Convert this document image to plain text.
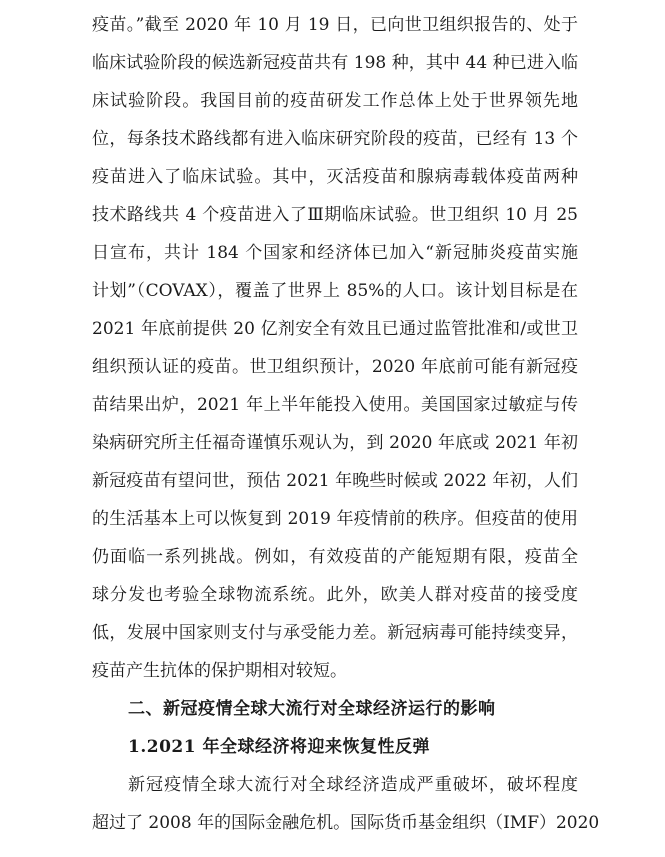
疫苗。”截至 2020 年 10 月 19 日，已向世卫组织报告的、处于
临床试验阶段的候选新冠疫苗共有 198 种，其中 44 种已进入临
床试验阶段。我国目前的疫苗研发工作总体上处于世界领先地
位，每条技术路线都有进入临床研究阶段的疫苗，已经有 13 个
疫苗进入了临床试验。其中，灭活疫苗和腺病毒载体疫苗两种
技术路线共 4 个疫苗进入了Ⅲ期临床试验。世卫组织 10 月 25
日宣布，共计 184 个国家和经济体已加入“新冠肺炎疫苗实施
计划”（COVAX），覆盖了世界上 85%的人口。该计划目标是在
2021 年底前提供 20 亿剂安全有效且已通过监管批准和/或世卫
组织预认证的疫苗。世卫组织预计，2020 年底前可能有新冠疫
苗结果出炉，2021 年上半年能投入使用。美国国家过敏症与传
染病研究所主任福奇谨慎乐观认为，到 2020 年底或 2021 年初
新冠疫苗有望问世，预估 2021 年晚些时候或 2022 年初，人们
的生活基本上可以恢复到 2019 年疫情前的秩序。但疫苗的使用
仍面临一系列挑战。例如，有效疫苗的产能短期有限，疫苗全
球分发也考验全球物流系统。此外，欧美人群对疫苗的接受度
低，发展中国家则支付与承受能力差。新冠病毒可能持续变异，
疫苗产生抗体的保护期相对较短。
二、新冠疫情全球大流行对全球经济运行的影响
1.2021 年全球经济将迎来恢复性反弹
新冠疫情全球大流行对全球经济造成严重破坏，破坏程度
超过了 2008 年的国际金融危机。国际货币基金组织（IMF）2020
